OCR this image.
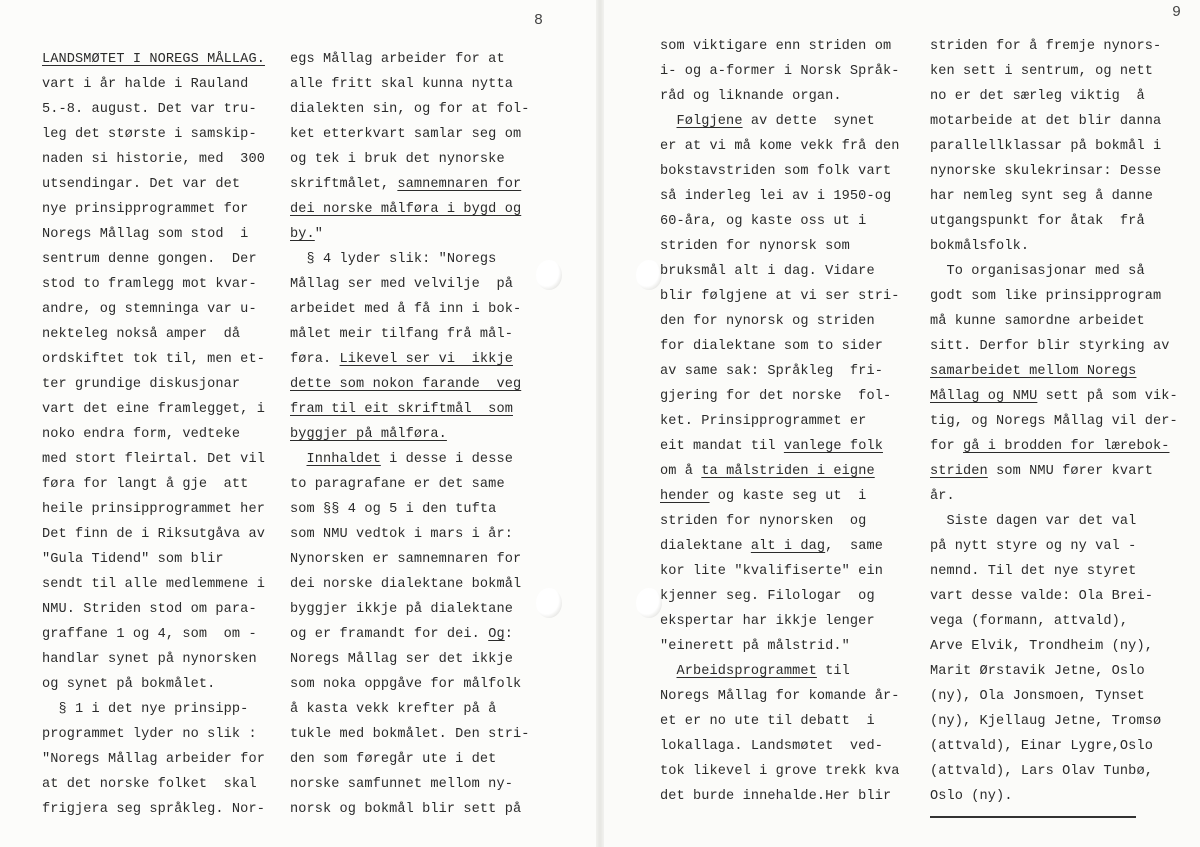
8	9
LANDSMØTET I NOREGS MÅLLAG.
vart i år halde i Rauland
5.-8. august. Det var tru-
leg det største i samskip-
naden si historie, med  300
utsendingar. Det var det
nye prinsipprogrammet for
Noregs Mållag som stod  i
sentrum denne gongen.  Der
stod to framlegg mot kvar-
andre, og stemninga var u-
nekteleg nokså amper  då
ordskiftet tok til, men et-
ter grundige diskusjonar
vart det eine framlegget, i
noko endra form, vedteke
med stort fleirtal. Det vil
føra for langt å gje  att
heile prinsipprogrammet her
Det finn de i Riksutgåva av
"Gula Tidend" som blir
sendt til alle medlemmene i
NMU. Striden stod om para-
graffane 1 og 4, som  om -
handlar synet på nynorsken
og synet på bokmålet.
§ 1 i det nye prinsipp-
programmet lyder no slik :
"Noregs Mållag arbeider for
at det norske folket  skal
frigjera seg språkleg. Nor-
egs Mållag arbeider for at
alle fritt skal kunna nytta
dialekten sin, og for at fol-
ket etterkvart samlar seg om
og tek i bruk det nynorske
skriftmålet, samnemnaren for
dei norske målføra i bygd og
by."
§ 4 lyder slik: "Noregs
Mållag ser med velvilje  på
arbeidet med å få inn i bok-
målet meir tilfang frå mål-
føra. Likevel ser vi  ikkje
dette som nokon farande  veg
fram til eit skriftmål  som
byggjer på målføra.
Innhaldet i desse i desse
to paragrafane er det same
som §§ 4 og 5 i den tufta
som NMU vedtok i mars i år:
Nynorsken er samnemnaren for
dei norske dialektane bokmål
byggjer ikkje på dialektane
og er framandt for dei. Og:
Noregs Mållag ser det ikkje
som noka oppgåve for målfolk
å kasta vekk krefter på å
tukle med bokmålet. Den stri-
den som føregår ute i det
norske samfunnet mellom ny-
norsk og bokmål blir sett på
som viktigare enn striden om
i- og a-former i Norsk Språk-
råd og liknande organ.
Følgjene av dette  synet
er at vi må kome vekk frå den
bokstavstriden som folk vart
så inderleg lei av i 1950-og
60-åra, og kaste oss ut i
striden for nynorsk som
bruksmål alt i dag. Vidare
blir følgjene at vi ser stri-
den for nynorsk og striden
for dialektane som to sider
av same sak: Språkleg  fri-
gjering for det norske  fol-
ket. Prinsipprogrammet er
eit mandat til vanlege folk
om å ta målstriden i eigne
hender og kaste seg ut  i
striden for nynorsken  og
dialektane alt i dag,  same
kor lite "kvalifiserte" ein
kjenner seg. Filologar  og
ekspertar har ikkje lenger
"einerett på målstrid."
Arbeidsprogrammet til
Noregs Mållag for komande år-
et er no ute til debatt  i
lokallaga. Landsmøtet  ved-
tok likevel i grove trekk kva
det burde innehalde.Her blir
striden for å fremje nynors-
ken sett i sentrum, og nett
no er det særleg viktig  å
motarbeide at det blir danna
parallellklassar på bokmål i
nynorske skulekrinsar: Desse
har nemleg synt seg å danne
utgangspunkt for åtak  frå
bokmålsfolk.
To organisasjonar med så
godt som like prinsipprogram
må kunne samordne arbeidet
sitt. Derfor blir styrking av
samarbeidet mellom Noregs
Mållag og NMU sett på som vik-
tig, og Noregs Mållag vil der-
for gå i brodden for lærebok-
striden som NMU fører kvart
år.
Siste dagen var det val
på nytt styre og ny val -
nemnd. Til det nye styret
vart desse valde: Ola Brei-
vega (formann, attvald),
Arve Elvik, Trondheim (ny),
Marit Ørstavik Jetne, Oslo
(ny), Ola Jonsmoen, Tynset
(ny), Kjellaug Jetne, Tromsø
(attvald), Einar Lygre,Oslo
(attvald), Lars Olav Tunbø,
Oslo (ny).
